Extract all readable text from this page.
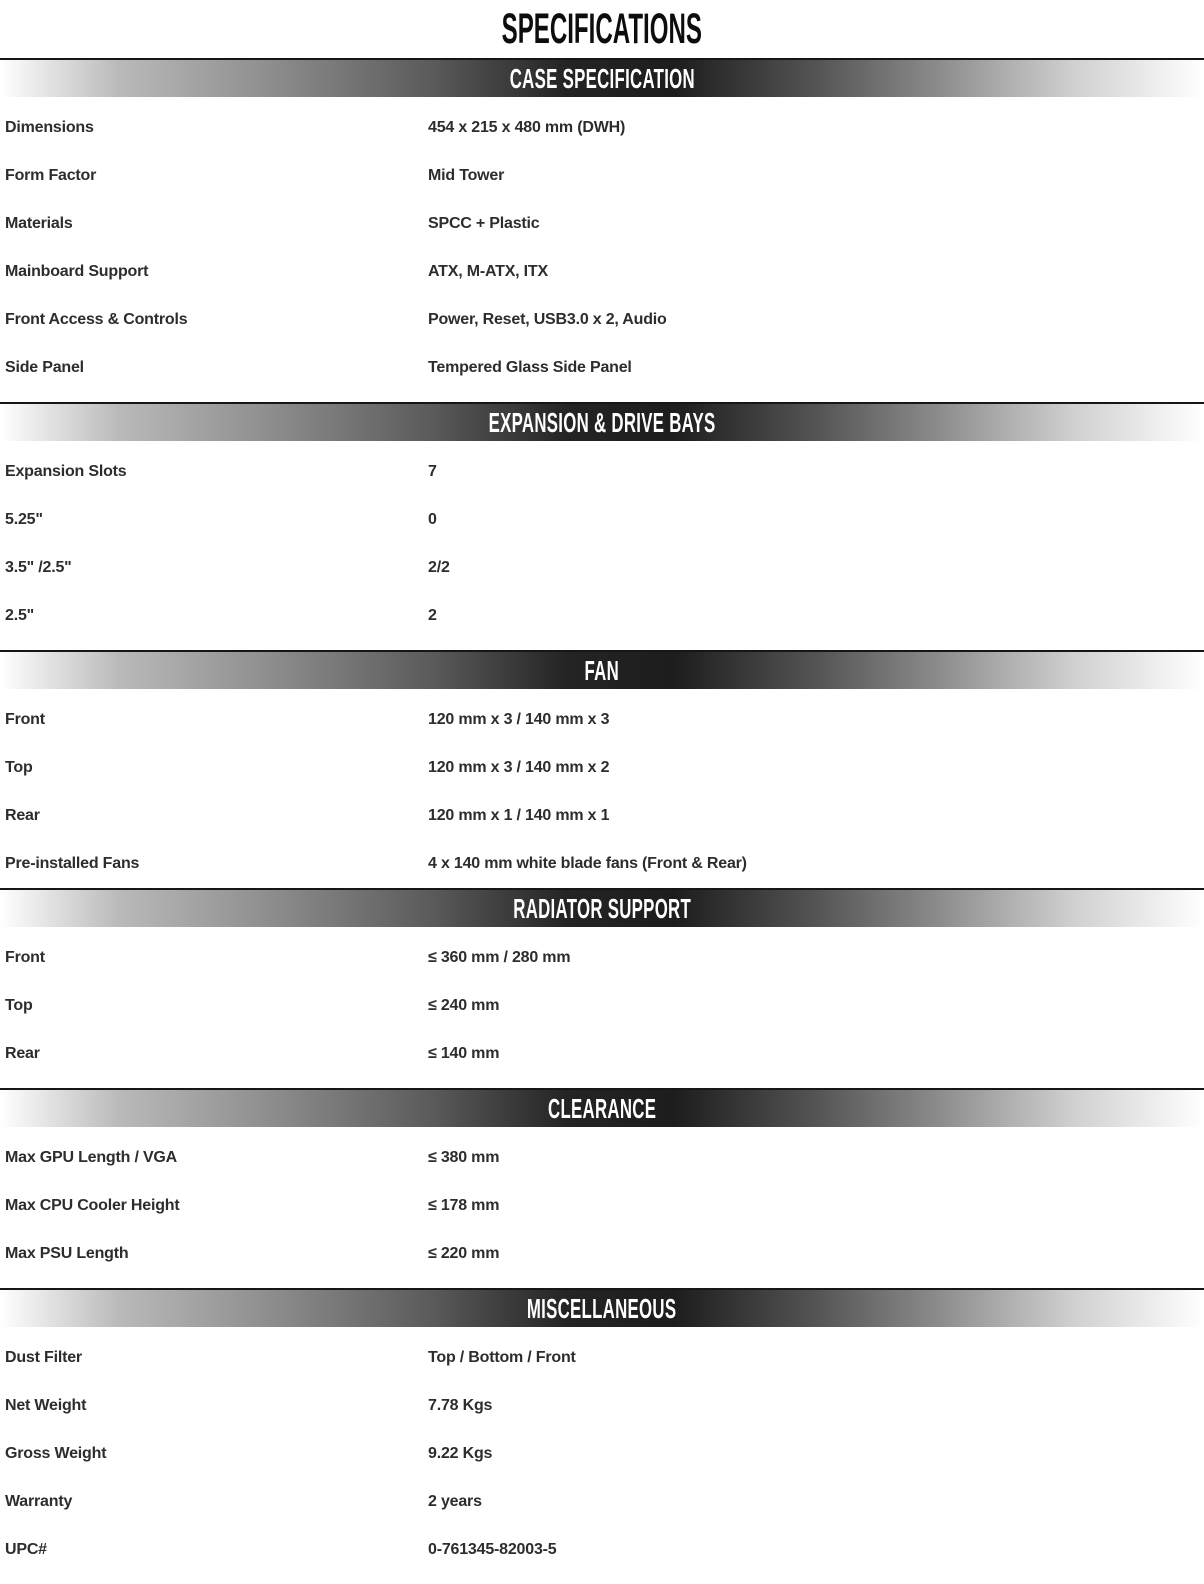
SPECIFICATIONS
CASE SPECIFICATION
Dimensions	454 x 215 x 480 mm (DWH)
Form Factor	Mid Tower
Materials	SPCC + Plastic
Mainboard Support	ATX, M-ATX, ITX
Front Access & Controls	Power, Reset, USB3.0 x 2, Audio
Side Panel	Tempered Glass Side Panel
EXPANSION & DRIVE BAYS
Expansion Slots	7
5.25"	0
3.5" /2.5"	2/2
2.5"	2
FAN
Front	120 mm x 3 / 140 mm x 3
Top	120 mm x 3 / 140 mm x 2
Rear	120 mm x 1 / 140 mm x 1
Pre-installed Fans	4 x 140 mm white blade fans (Front & Rear)
RADIATOR SUPPORT
Front	≤ 360 mm / 280 mm
Top	≤ 240 mm
Rear	≤ 140 mm
CLEARANCE
Max GPU Length / VGA	≤ 380 mm
Max CPU Cooler Height	≤ 178 mm
Max PSU Length	≤ 220 mm
MISCELLANEOUS
Dust Filter	Top / Bottom / Front
Net Weight	7.78 Kgs
Gross Weight	9.22 Kgs
Warranty	2 years
UPC#	0-761345-82003-5
